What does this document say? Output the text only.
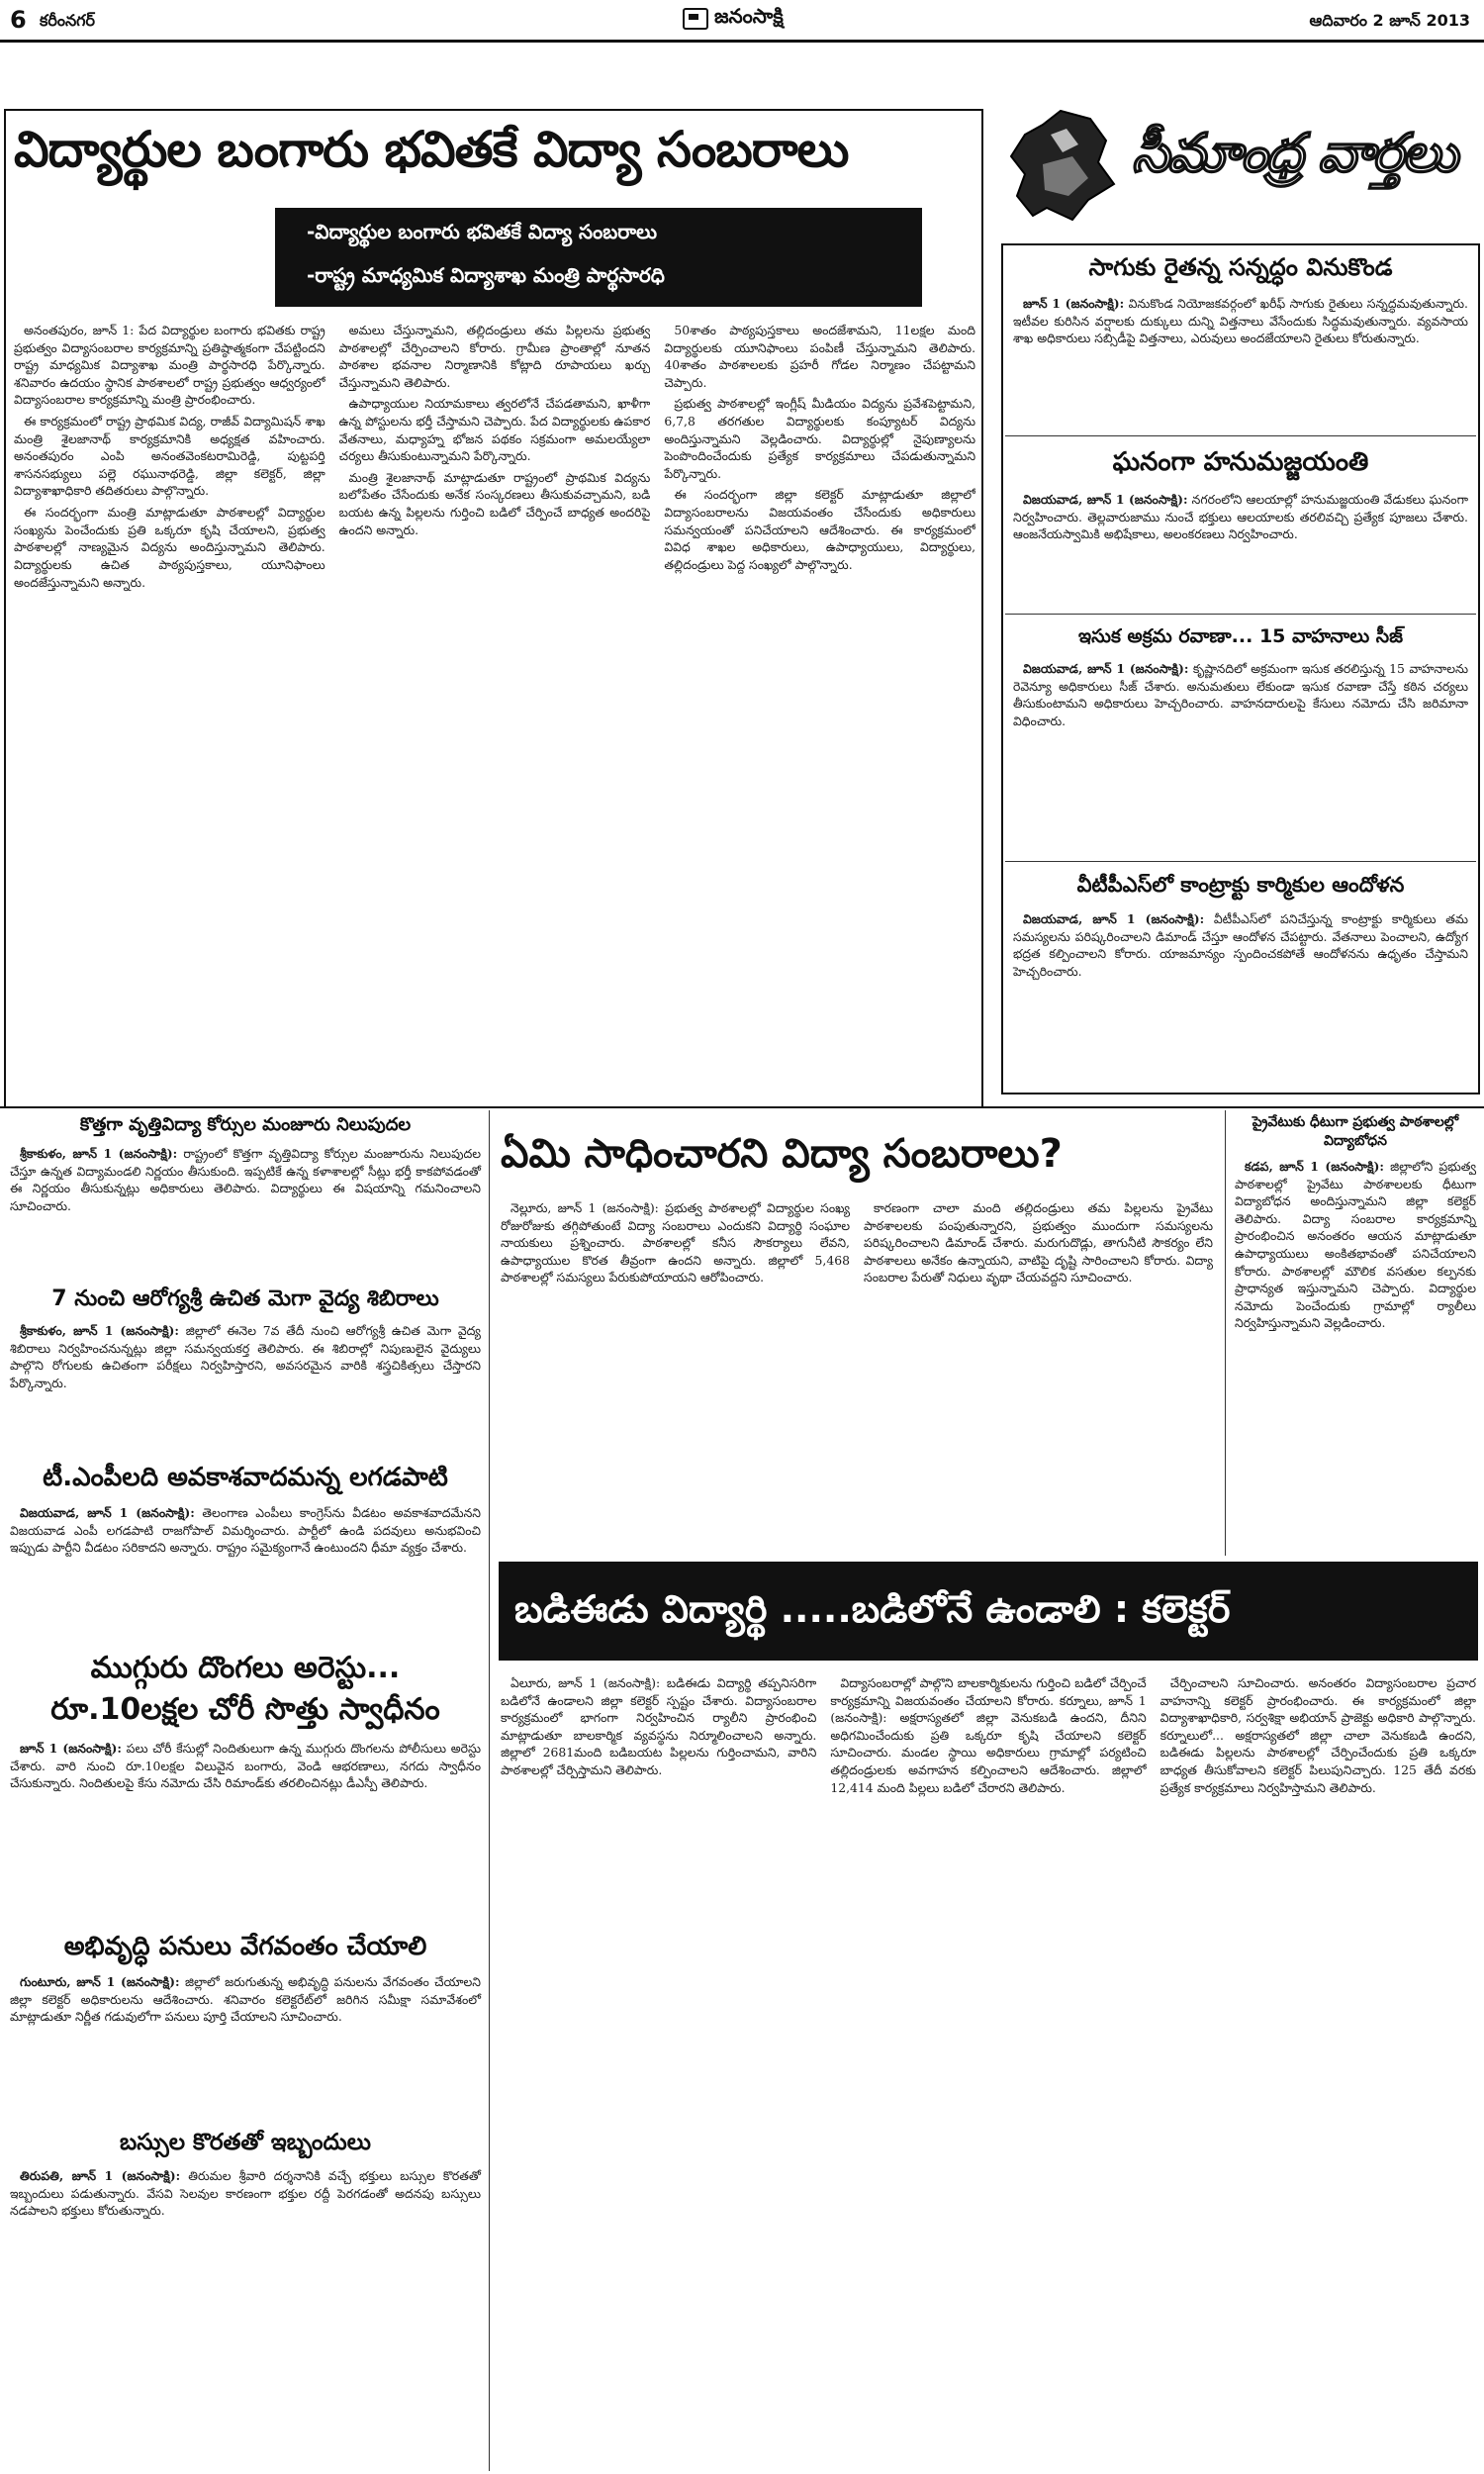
6 కరీంనగర్	జనంసాక్షి	ఆదివారం 2 జూన్ 2013
విద్యార్థుల బంగారు భవితకే విద్యా సంబరాలు
-విద్యార్థుల బంగారు భవితకే విద్యా సంబరాలు
-రాష్ట్ర మాధ్యమిక విద్యాశాఖ మంత్రి పార్థసారధి

అనంతపురం, జూన్ 1: పేద విద్యార్థుల బంగారు భవితకు రాష్ట్ర ప్రభుత్వం విద్యాసంబరాల కార్యక్రమాన్ని ప్రతిష్ఠాత్మకంగా చేపట్టిందని రాష్ట్ర మాధ్యమిక విద్యాశాఖ మంత్రి పార్థసారధి పేర్కొన్నారు. శనివారం ఉదయం స్థానిక పాఠశాలలో రాష్ట్ర ప్రభుత్వం ఆధ్వర్యంలో విద్యాసంబరాల కార్యక్రమాన్ని మంత్రి ప్రారంభించారు.

ఈ కార్యక్రమంలో రాష్ట్ర ప్రాథమిక విద్య, రాజీవ్ విద్యామిషన్ శాఖ మంత్రి శైలజానాథ్ కార్యక్రమానికి అధ్యక్షత వహించారు. అనంతపురం ఎంపి అనంతవెంకటరామిరెడ్డి, పుట్టపర్తి శాసనసభ్యులు పల్లె రఘునాథరెడ్డి, జిల్లా కలెక్టర్, జిల్లా విద్యాశాఖాధికారి తదితరులు పాల్గొన్నారు.

ఈ సందర్భంగా మంత్రి మాట్లాడుతూ పాఠశాలల్లో విద్యార్థుల సంఖ్యను పెంచేందుకు ప్రతి ఒక్కరూ కృషి చేయాలని, ప్రభుత్వ పాఠశాలల్లో నాణ్యమైన విద్యను అందిస్తున్నామని తెలిపారు. విద్యార్థులకు ఉచిత పాఠ్యపుస్తకాలు, యూనిఫాంలు అందజేస్తున్నామని అన్నారు.

అమలు చేస్తున్నామని, తల్లిదండ్రులు తమ పిల్లలను ప్రభుత్వ పాఠశాలల్లో చేర్పించాలని కోరారు. గ్రామీణ ప్రాంతాల్లో నూతన పాఠశాల భవనాల నిర్మాణానికి కోట్లాది రూపాయలు ఖర్చు చేస్తున్నామని తెలిపారు.

ఉపాధ్యాయుల నియామకాలు త్వరలోనే చేపడతామని, ఖాళీగా ఉన్న పోస్టులను భర్తీ చేస్తామని చెప్పారు. పేద విద్యార్థులకు ఉపకార వేతనాలు, మధ్యాహ్న భోజన పథకం సక్రమంగా అమలయ్యేలా చర్యలు తీసుకుంటున్నామని పేర్కొన్నారు.

మంత్రి శైలజానాథ్ మాట్లాడుతూ రాష్ట్రంలో ప్రాథమిక విద్యను బలోపేతం చేసేందుకు అనేక సంస్కరణలు తీసుకువచ్చామని, బడి బయట ఉన్న పిల్లలను గుర్తించి బడిలో చేర్పించే బాధ్యత అందరిపై ఉందని అన్నారు.

50శాతం పాఠ్యపుస్తకాలు అందజేశామని, 11లక్షల మంది విద్యార్థులకు యూనిఫాంలు పంపిణీ చేస్తున్నామని తెలిపారు. 40శాతం పాఠశాలలకు ప్రహరీ గోడల నిర్మాణం చేపట్టామని చెప్పారు.

ప్రభుత్వ పాఠశాలల్లో ఇంగ్లీష్ మీడియం విద్యను ప్రవేశపెట్టామని, 6,7,8 తరగతుల విద్యార్థులకు కంప్యూటర్ విద్యను అందిస్తున్నామని వెల్లడించారు. విద్యార్థుల్లో నైపుణ్యాలను పెంపొందించేందుకు ప్రత్యేక కార్యక్రమాలు చేపడుతున్నామని పేర్కొన్నారు.

ఈ సందర్భంగా జిల్లా కలెక్టర్ మాట్లాడుతూ జిల్లాలో విద్యాసంబరాలను విజయవంతం చేసేందుకు అధికారులు సమన్వయంతో పనిచేయాలని ఆదేశించారు. ఈ కార్యక్రమంలో వివిధ శాఖల అధికారులు, ఉపాధ్యాయులు, విద్యార్థులు, తల్లిదండ్రులు పెద్ద సంఖ్యలో పాల్గొన్నారు.

సీమాంధ్ర వార్తలు
సాగుకు రైతన్న సన్నద్ధం వినుకొండ

జూన్ 1 (జనంసాక్షి): వినుకొండ నియోజకవర్గంలో ఖరీఫ్ సాగుకు రైతులు సన్నద్ధమవుతున్నారు. ఇటీవల కురిసిన వర్షాలకు దుక్కులు దున్ని విత్తనాలు వేసేందుకు సిద్ధమవుతున్నారు. వ్యవసాయ శాఖ అధికారులు సబ్సిడీపై విత్తనాలు, ఎరువులు అందజేయాలని రైతులు కోరుతున్నారు.

ఘనంగా హనుమజ్జయంతి

విజయవాడ, జూన్ 1 (జనంసాక్షి): నగరంలోని ఆలయాల్లో హనుమజ్జయంతి వేడుకలు ఘనంగా నిర్వహించారు. తెల్లవారుజాము నుంచే భక్తులు ఆలయాలకు తరలివచ్చి ప్రత్యేక పూజలు చేశారు. ఆంజనేయస్వామికి అభిషేకాలు, అలంకరణలు నిర్వహించారు.

ఇసుక అక్రమ రవాణా... 15 వాహనాలు సీజ్

విజయవాడ, జూన్ 1 (జనంసాక్షి): కృష్ణానదిలో అక్రమంగా ఇసుక తరలిస్తున్న 15 వాహనాలను రెవెన్యూ అధికారులు సీజ్ చేశారు. అనుమతులు లేకుండా ఇసుక రవాణా చేస్తే కఠిన చర్యలు తీసుకుంటామని అధికారులు హెచ్చరించారు. వాహనదారులపై కేసులు నమోదు చేసి జరిమానా విధించారు.

వీటీపీఎస్‌లో కాంట్రాక్టు కార్మికుల ఆందోళన

విజయవాడ, జూన్ 1 (జనంసాక్షి): వీటీపీఎస్‌లో పనిచేస్తున్న కాంట్రాక్టు కార్మికులు తమ సమస్యలను పరిష్కరించాలని డిమాండ్ చేస్తూ ఆందోళన చేపట్టారు. వేతనాలు పెంచాలని, ఉద్యోగ భద్రత కల్పించాలని కోరారు. యాజమాన్యం స్పందించకపోతే ఆందోళనను ఉధృతం చేస్తామని హెచ్చరించారు.

కొత్తగా వృత్తివిద్యా కోర్సుల మంజూరు నిలుపుదల

శ్రీకాకుళం, జూన్ 1 (జనంసాక్షి): రాష్ట్రంలో కొత్తగా వృత్తివిద్యా కోర్సుల మంజూరును నిలుపుదల చేస్తూ ఉన్నత విద్యామండలి నిర్ణయం తీసుకుంది. ఇప్పటికే ఉన్న కళాశాలల్లో సీట్లు భర్తీ కాకపోవడంతో ఈ నిర్ణయం తీసుకున్నట్లు అధికారులు తెలిపారు. విద్యార్థులు ఈ విషయాన్ని గమనించాలని సూచించారు.

7 నుంచి ఆరోగ్యశ్రీ ఉచిత మెగా వైద్య శిబిరాలు

శ్రీకాకుళం, జూన్ 1 (జనంసాక్షి): జిల్లాలో ఈనెల 7వ తేదీ నుంచి ఆరోగ్యశ్రీ ఉచిత మెగా వైద్య శిబిరాలు నిర్వహించనున్నట్లు జిల్లా సమన్వయకర్త తెలిపారు. ఈ శిబిరాల్లో నిపుణులైన వైద్యులు పాల్గొని రోగులకు ఉచితంగా పరీక్షలు నిర్వహిస్తారని, అవసరమైన వారికి శస్త్రచికిత్సలు చేస్తారని పేర్కొన్నారు.

టీ.ఎంపీలది అవకాశవాదమన్న లగడపాటి

విజయవాడ, జూన్ 1 (జనంసాక్షి): తెలంగాణ ఎంపీలు కాంగ్రెస్‌ను వీడటం అవకాశవాదమేనని విజయవాడ ఎంపీ లగడపాటి రాజగోపాల్ విమర్శించారు. పార్టీలో ఉండి పదవులు అనుభవించి ఇప్పుడు పార్టీని వీడటం సరికాదని అన్నారు. రాష్ట్రం సమైక్యంగానే ఉంటుందని ధీమా వ్యక్తం చేశారు.

ముగ్గురు దొంగలు అరెస్టు...
రూ.10లక్షల చోరీ సొత్తు స్వాధీనం

జూన్ 1 (జనంసాక్షి): పలు చోరీ కేసుల్లో నిందితులుగా ఉన్న ముగ్గురు దొంగలను పోలీసులు అరెస్టు చేశారు. వారి నుంచి రూ.10లక్షల విలువైన బంగారు, వెండి ఆభరణాలు, నగదు స్వాధీనం చేసుకున్నారు. నిందితులపై కేసు నమోదు చేసి రిమాండ్‌కు తరలించినట్లు డీఎస్పీ తెలిపారు.

అభివృద్ధి పనులు వేగవంతం చేయాలి

గుంటూరు, జూన్ 1 (జనంసాక్షి): జిల్లాలో జరుగుతున్న అభివృద్ధి పనులను వేగవంతం చేయాలని జిల్లా కలెక్టర్ అధికారులను ఆదేశించారు. శనివారం కలెక్టరేట్‌లో జరిగిన సమీక్షా సమావేశంలో మాట్లాడుతూ నిర్ణీత గడువులోగా పనులు పూర్తి చేయాలని సూచించారు.

బస్సుల కొరతతో ఇబ్బందులు

తిరుపతి, జూన్ 1 (జనంసాక్షి): తిరుమల శ్రీవారి దర్శనానికి వచ్చే భక్తులు బస్సుల కొరతతో ఇబ్బందులు పడుతున్నారు. వేసవి సెలవుల కారణంగా భక్తుల రద్దీ పెరగడంతో అదనపు బస్సులు నడపాలని భక్తులు కోరుతున్నారు.

ఏమి సాధించారని విద్యా సంబరాలు?

నెల్లూరు, జూన్ 1 (జనంసాక్షి): ప్రభుత్వ పాఠశాలల్లో విద్యార్థుల సంఖ్య రోజురోజుకు తగ్గిపోతుంటే విద్యా సంబరాలు ఎందుకని విద్యార్థి సంఘాల నాయకులు ప్రశ్నించారు. పాఠశాలల్లో కనీస సౌకర్యాలు లేవని, ఉపాధ్యాయుల కొరత తీవ్రంగా ఉందని అన్నారు. జిల్లాలో 5,468 పాఠశాలల్లో సమస్యలు పేరుకుపోయాయని ఆరోపించారు.

కారణంగా చాలా మంది తల్లిదండ్రులు తమ పిల్లలను ప్రైవేటు పాఠశాలలకు పంపుతున్నారని, ప్రభుత్వం ముందుగా సమస్యలను పరిష్కరించాలని డిమాండ్ చేశారు. మరుగుదొడ్లు, తాగునీటి సౌకర్యం లేని పాఠశాలలు అనేకం ఉన్నాయని, వాటిపై దృష్టి సారించాలని కోరారు. విద్యా సంబరాల పేరుతో నిధులు వృథా చేయవద్దని సూచించారు.

ప్రైవేటుకు ధీటుగా ప్రభుత్వ పాఠశాలల్లో
విద్యాబోధన

కడప, జూన్ 1 (జనంసాక్షి): జిల్లాలోని ప్రభుత్వ పాఠశాలల్లో ప్రైవేటు పాఠశాలలకు ధీటుగా విద్యాబోధన అందిస్తున్నామని జిల్లా కలెక్టర్ తెలిపారు. విద్యా సంబరాల కార్యక్రమాన్ని ప్రారంభించిన అనంతరం ఆయన మాట్లాడుతూ ఉపాధ్యాయులు అంకితభావంతో పనిచేయాలని కోరారు. పాఠశాలల్లో మౌలిక వసతుల కల్పనకు ప్రాధాన్యత ఇస్తున్నామని చెప్పారు. విద్యార్థుల నమోదు పెంచేందుకు గ్రామాల్లో ర్యాలీలు నిర్వహిస్తున్నామని వెల్లడించారు.

బడిఈడు విద్యార్థి .....బడిలోనే ఉండాలి : కలెక్టర్

ఏలూరు, జూన్ 1 (జనంసాక్షి): బడిఈడు విద్యార్థి తప్పనిసరిగా బడిలోనే ఉండాలని జిల్లా కలెక్టర్ స్పష్టం చేశారు. విద్యాసంబరాల కార్యక్రమంలో భాగంగా నిర్వహించిన ర్యాలీని ప్రారంభించి మాట్లాడుతూ బాలకార్మిక వ్యవస్థను నిర్మూలించాలని అన్నారు. జిల్లాలో 2681మంది బడిబయట పిల్లలను గుర్తించామని, వారిని పాఠశాలల్లో చేర్పిస్తామని తెలిపారు.

విద్యాసంబరాల్లో పాల్గొని బాలకార్మికులను గుర్తించి బడిలో చేర్పించే కార్యక్రమాన్ని విజయవంతం చేయాలని కోరారు. కర్నూలు, జూన్ 1 (జనంసాక్షి): అక్షరాస్యతలో జిల్లా వెనుకబడి ఉందని, దీనిని అధిగమించేందుకు ప్రతి ఒక్కరూ కృషి చేయాలని కలెక్టర్ సూచించారు. మండల స్థాయి అధికారులు గ్రామాల్లో పర్యటించి తల్లిదండ్రులకు అవగాహన కల్పించాలని ఆదేశించారు. జిల్లాలో 12,414 మంది పిల్లలు బడిలో చేరారని తెలిపారు.

చేర్పించాలని సూచించారు. అనంతరం విద్యాసంబరాల ప్రచార వాహనాన్ని కలెక్టర్ ప్రారంభించారు. ఈ కార్యక్రమంలో జిల్లా విద్యాశాఖాధికారి, సర్వశిక్షా అభియాన్ ప్రాజెక్టు అధికారి పాల్గొన్నారు. కర్నూలులో... అక్షరాస్యతలో జిల్లా చాలా వెనుకబడి ఉందని, బడిఈడు పిల్లలను పాఠశాలల్లో చేర్పించేందుకు ప్రతి ఒక్కరూ బాధ్యత తీసుకోవాలని కలెక్టర్ పిలుపునిచ్చారు. 125 తేదీ వరకు ప్రత్యేక కార్యక్రమాలు నిర్వహిస్తామని తెలిపారు.
